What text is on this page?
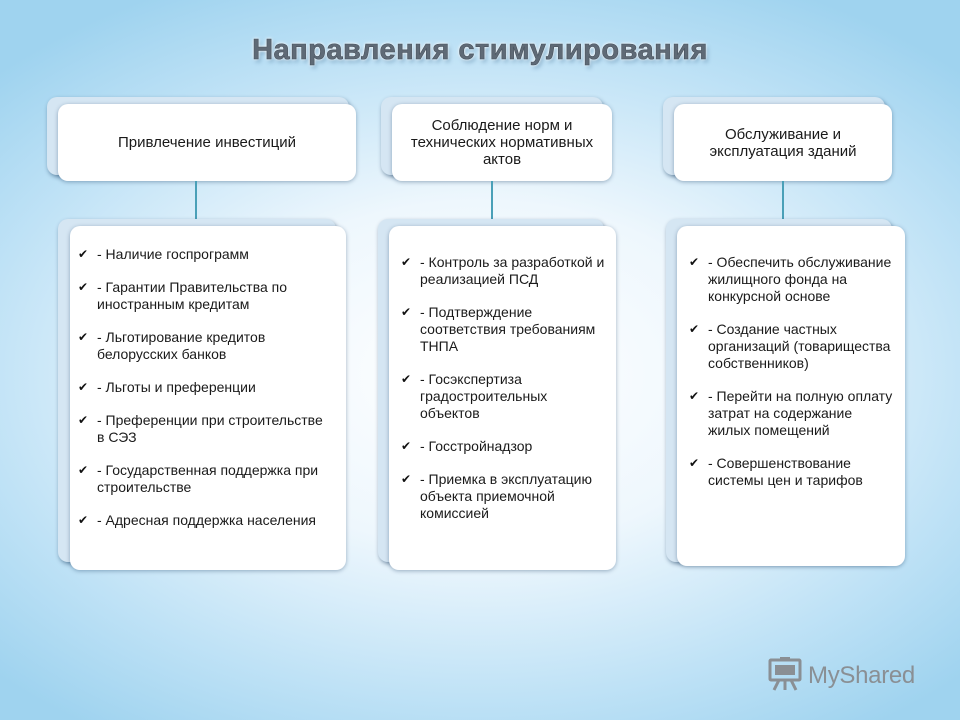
Направления стимулирования
Привлечение инвестиций
✔ - Наличие госпрограмм
✔ - Гарантии Правительства по иностранным кредитам
✔ - Льготирование кредитов белорусских банков
✔ - Льготы и преференции
✔ - Преференции при строительстве в СЭЗ
✔ - Государственная поддержка при строительстве
✔ - Адресная поддержка населения
Соблюдение норм и технических нормативных актов
✔ - Контроль за разработкой и реализацией ПСД
✔ - Подтверждение соответствия требованиям ТНПА
✔ - Госэкспертиза градостроительных объектов
✔ - Госстройнадзор
✔ - Приемка в эксплуатацию объекта приемочной комиссией
Обслуживание и эксплуатация зданий
✔ - Обеспечить обслуживание жилищного фонда на конкурсной основе
✔ - Создание частных организаций (товарищества собственников)
✔ - Перейти на полную оплату затрат на содержание жилых помещений
✔ - Совершенствование системы цен и тарифов
MyShared
